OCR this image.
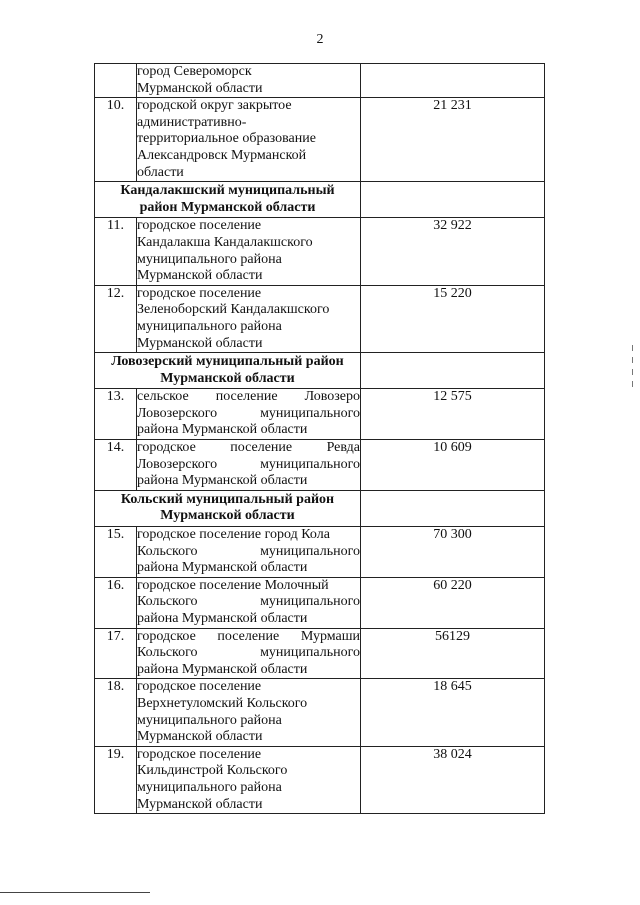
2

	город Североморск
Мурманской области	

10.	городской округ закрытое
административно-
территориальное образование
Александровск Мурманской
области	21 231

Кандалакшский муниципальный
район Мурманской области		

11.	городское поселение
Кандалакша Кандалакшского
муниципального района
Мурманской области	32 922
12.	городское поселение
Зеленоборский Кандалакшского
муниципального района
Мурманской области	15 220

Ловозерский муниципальный район
Мурманской области		

13.	сельское поселение Ловозеро
Ловозерского муниципального
района Мурманской области	12 575
14.	городское поселение Ревда
Ловозерского муниципального
района Мурманской области	10 609

Кольский муниципальный район
Мурманской области		

15.	городское поселение город Кола
Кольского муниципального
района Мурманской области	70 300
16.	городское поселение Молочный
Кольского муниципального
района Мурманской области	60 220
17.	городское поселение Мурмаши
Кольского муниципального
района Мурманской области	56129
18.	городское поселение
Верхнетуломский Кольского
муниципального района
Мурманской области	18 645
19.	городское поселение
Кильдинстрой Кольского
муниципального района
Мурманской области	38 024
